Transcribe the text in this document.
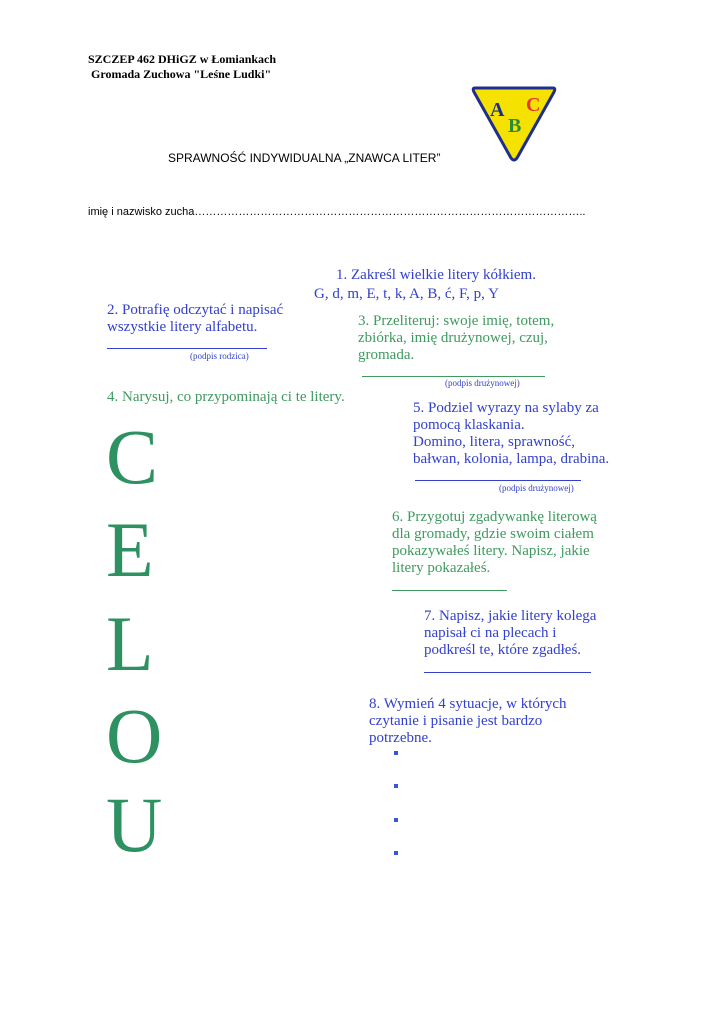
SZCZEP 462 DHiGZ w Łomiankach
Gromada Zuchowa "Leśne Ludki"
A C
B
SPRAWNOŚĆ INDYWIDUALNA „ZNAWCA LITER”
imię i nazwisko zucha……………………………………………………………………………………………..
1. Zakreśl wielkie litery kółkiem.
G, d, m, E, t, k, A, B, ć, F, p, Y
2. Potrafię odczytać i napisać
wszystkie litery alfabetu.
(podpis rodzica)
3. Przeliteruj: swoje imię, totem,
zbiórka, imię drużynowej, czuj,
gromada.
(podpis drużynowej)
4. Narysuj, co przypominają ci te litery.
C
E
L
O
U
5. Podziel wyrazy na sylaby za
pomocą klaskania.
Domino, litera, sprawność,
bałwan, kolonia, lampa, drabina.
(podpis drużynowej)
6. Przygotuj zgadywankę literową
dla gromady, gdzie swoim ciałem
pokazywałeś litery. Napisz, jakie
litery pokazałeś.
7. Napisz, jakie litery kolega
napisał ci na plecach i
podkreśl te, które zgadłeś.
8. Wymień 4 sytuacje, w których
czytanie i pisanie jest bardzo
potrzebne.
